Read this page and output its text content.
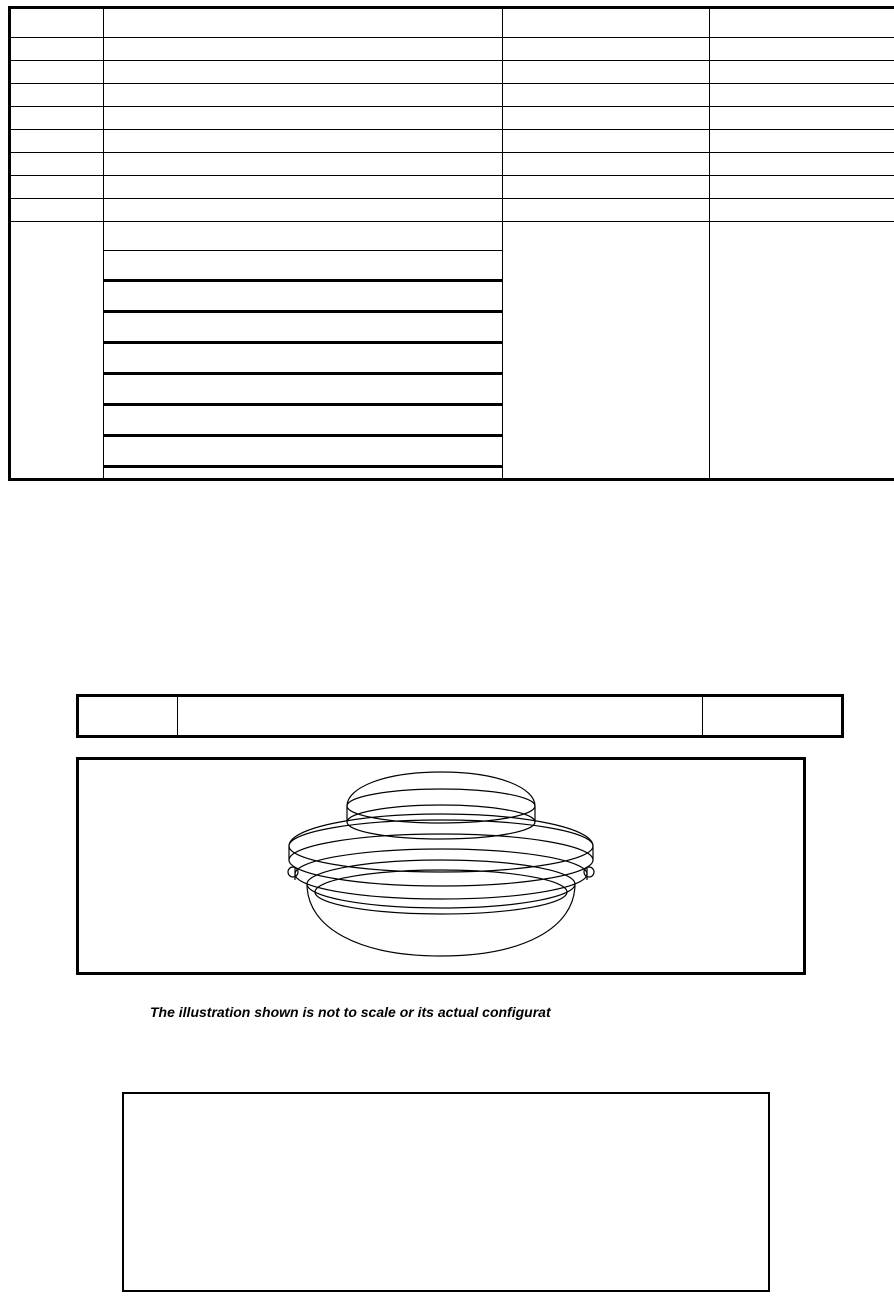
The illustration shown is not to scale or its actual configurat
